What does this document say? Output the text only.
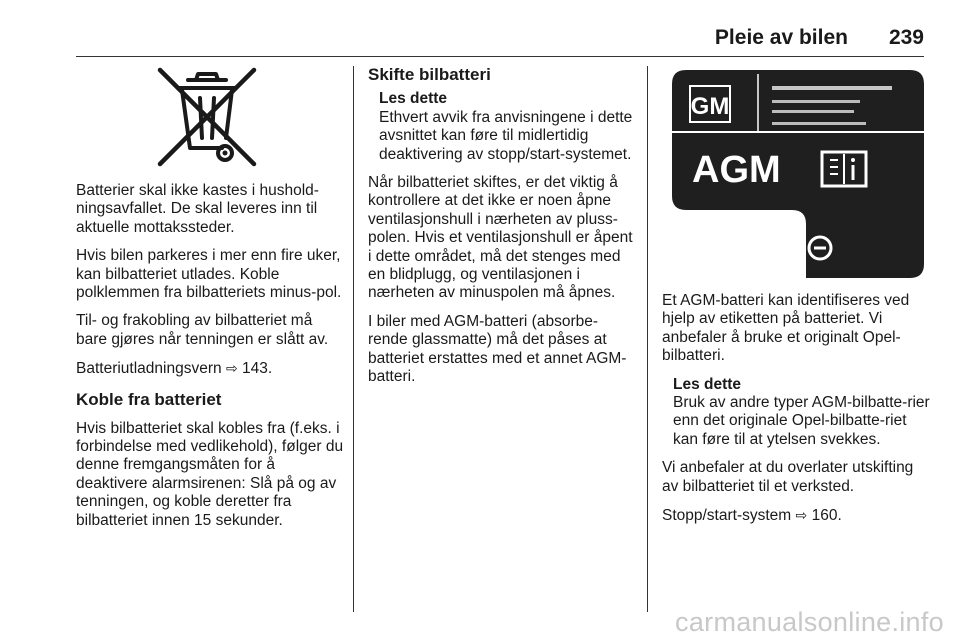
Pleie av bilen 239

Batterier skal ikke kastes i hushold-ningsavfallet. De skal leveres inn til aktuelle mottakssteder.

Hvis bilen parkeres i mer enn fire uker, kan bilbatteriet utlades. Koble polklemmen fra bilbatteriets minus-pol.

Til- og frakobling av bilbatteriet må bare gjøres når tenningen er slått av.

Batteriutladningsvern ⇨ 143.

Koble fra batteriet

Hvis bilbatteriet skal kobles fra (f.eks. i forbindelse med vedlikehold), følger du denne fremgangsmåten for å deaktivere alarmsirenen: Slå på og av tenningen, og koble deretter fra bilbatteriet innen 15 sekunder.

Skifte bilbatteri
Les dette
Ethvert avvik fra anvisningene i dette avsnittet kan føre til midlertidig deaktivering av stopp/start-systemet.

Når bilbatteriet skiftes, er det viktig å kontrollere at det ikke er noen åpne ventilasjonshull i nærheten av pluss-polen. Hvis et ventilasjonshull er åpent i dette området, må det stenges med en blidplugg, og ventilasjonen i nærheten av minuspolen må åpnes.

I biler med AGM-batteri (absorbe-rende glassmatte) må det påses at batteriet erstattes med et annet AGM-batteri.

GM
AGM

Et AGM-batteri kan identifiseres ved hjelp av etiketten på batteriet. Vi anbefaler å bruke et originalt Opel-bilbatteri.

Les dette
Bruk av andre typer AGM-bilbatte-rier enn det originale Opel-bilbatte-riet kan føre til at ytelsen svekkes.

Vi anbefaler at du overlater utskifting av bilbatteriet til et verksted.

Stopp/start-system ⇨ 160.

carmanualsonline.info
